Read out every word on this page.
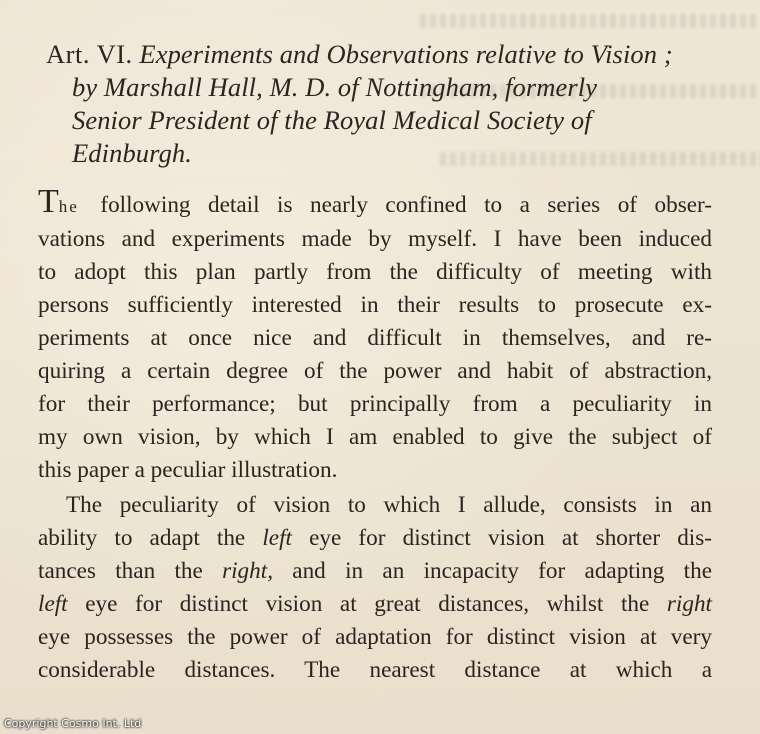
Art. VI. Experiments and Observations relative to Vision ;
by Marshall Hall, M. D. of Nottingham, formerly
Senior President of the Royal Medical Society of
Edinburgh.
The following detail is nearly confined to a series of obser-
vations and experiments made by myself. I have been induced
to adopt this plan partly from the difficulty of meeting with
persons sufficiently interested in their results to prosecute ex-
periments at once nice and difficult in themselves, and re-
quiring a certain degree of the power and habit of abstraction,
for their performance; but principally from a peculiarity in
my own vision, by which I am enabled to give the subject of
this paper a peculiar illustration.
The peculiarity of vision to which I allude, consists in an
ability to adapt the left eye for distinct vision at shorter dis-
tances than the right, and in an incapacity for adapting the
left eye for distinct vision at great distances, whilst the right
eye possesses the power of adaptation for distinct vision at very
considerable distances. The nearest distance at which a
Copyright Cosmo Int. Ltd
